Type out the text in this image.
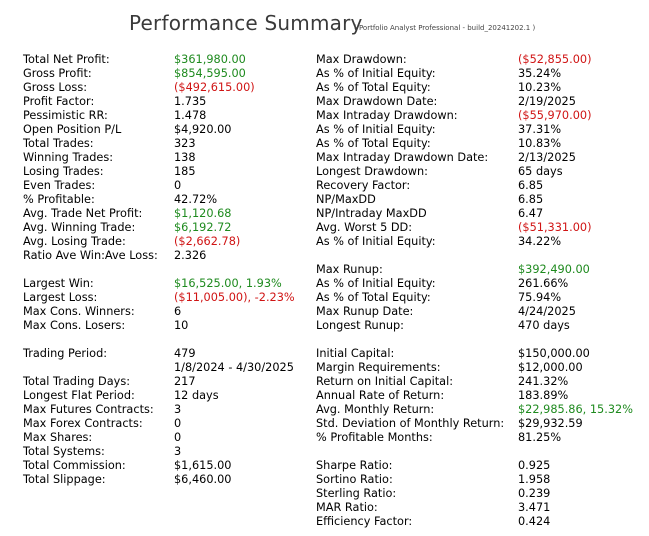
Performance Summary
( Portfolio Analyst Professional - build_20241202.1 )
Total Net Profit:	$361,980.00
Gross Profit:	$854,595.00
Gross Loss:	($492,615.00)
Profit Factor:	1.735
Pessimistic RR:	1.478
Open Position P/L	$4,920.00
Total Trades:	323
Winning Trades:	138
Losing Trades:	185
Even Trades:	0
% Profitable:	42.72%
Avg. Trade Net Profit:	$1,120.68
Avg. Winning Trade:	$6,192.72
Avg. Losing Trade:	($2,662.78)
Ratio Ave Win:Ave Loss: 2.326
Largest Win:	$16,525.00, 1.93%
Largest Loss:	($11,005.00), -2.23%
Max Cons. Winners:	6
Max Cons. Losers:	10
Trading Period:	479
1/8/2024 - 4/30/2025
Total Trading Days:	217
Longest Flat Period:	12 days
Max Futures Contracts: 3
Max Forex Contracts:	0
Max Shares:	0
Total Systems:	3
Total Commission:	$1,615.00
Total Slippage:	$6,460.00
Max Drawdown:	($52,855.00)
As % of Initial Equity:	35.24%
As % of Total Equity:	10.23%
Max Drawdown Date:	2/19/2025
Max Intraday Drawdown:	($55,970.00)
As % of Initial Equity:	37.31%
As % of Total Equity:	10.83%
Max Intraday Drawdown Date:	2/13/2025
Longest Drawdown:	65 days
Recovery Factor:	6.85
NP/MaxDD	6.85
NP/Intraday MaxDD	6.47
Avg. Worst 5 DD:	($51,331.00)
As % of Initial Equity:	34.22%
Max Runup:	$392,490.00
As % of Initial Equity:	261.66%
As % of Total Equity:	75.94%
Max Runup Date:	4/24/2025
Longest Runup:	470 days
Initial Capital:	$150,000.00
Margin Requirements:	$12,000.00
Return on Initial Capital:	241.32%
Annual Rate of Return:	183.89%
Avg. Monthly Return:	$22,985.86, 15.32%
Std. Deviation of Monthly Return: $29,932.59
% Profitable Months:	81.25%
Sharpe Ratio:	0.925
Sortino Ratio:	1.958
Sterling Ratio:	0.239
MAR Ratio:	3.471
Efficiency Factor:	0.424
